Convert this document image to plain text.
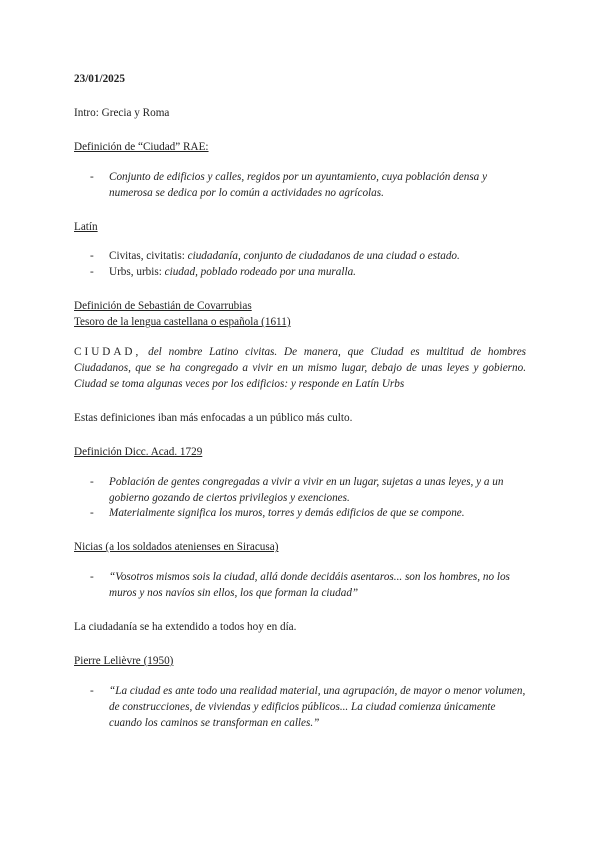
23/01/2025

Intro: Grecia y Roma

Definición de “Ciudad” RAE:

- Conjunto de edificios y calles, regidos por un ayuntamiento, cuya población densa y numerosa se dedica por lo común a actividades no agrícolas.

Latín

- Civitas, civitatis: ciudadanía, conjunto de ciudadanos de una ciudad o estado.
- Urbs, urbis: ciudad, poblado rodeado por una muralla.

Definición de Sebastián de Covarrubias

Tesoro de la lengua castellana o española (1611)

CIUDAD, del nombre Latino civitas. De manera, que Ciudad es multitud de hombres Ciudadanos, que se ha congregado a vivir en un mismo lugar, debajo de unas leyes y gobierno. Ciudad se toma algunas veces por los edificios: y responde en Latín Urbs

Estas definiciones iban más enfocadas a un público más culto.

Definición Dicc. Acad. 1729

- Población de gentes congregadas a vivir a vivir en un lugar, sujetas a unas leyes, y a un gobierno gozando de ciertos privilegios y exenciones.
- Materialmente significa los muros, torres y demás edificios de que se compone.

Nicias (a los soldados atenienses en Siracusa)

- “Vosotros mismos sois la ciudad, allá donde decidáis asentaros... son los hombres, no los muros y nos navíos sin ellos, los que forman la ciudad”

La ciudadanía se ha extendido a todos hoy en día.

Pierre Lelièvre (1950)

- “La ciudad es ante todo una realidad material, una agrupación, de mayor o menor volumen, de construcciones, de viviendas y edificios públicos... La ciudad comienza únicamente cuando los caminos se transforman en calles.”
